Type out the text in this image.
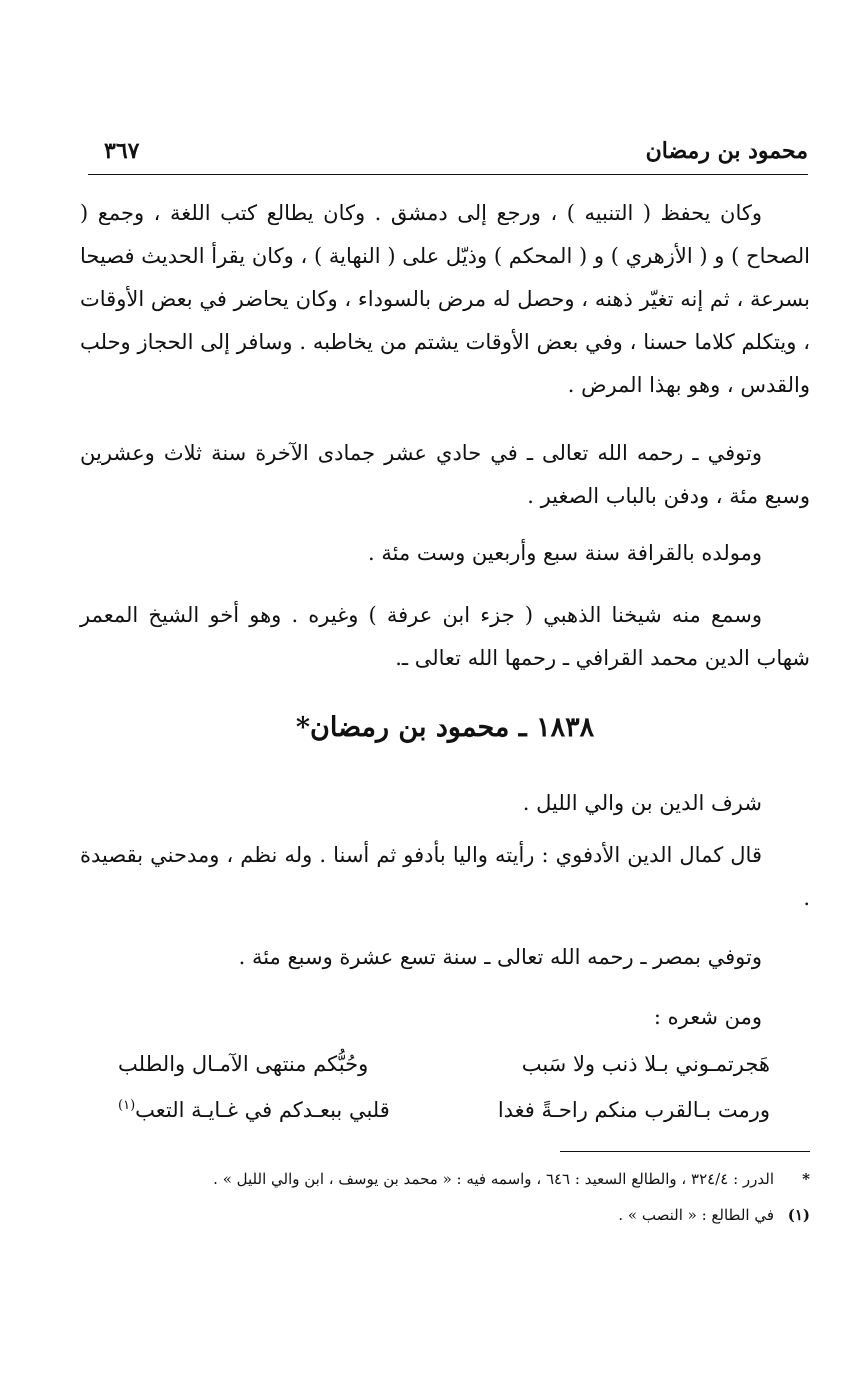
محمود بن رمضان
٣٦٧

وكان يحفظ ( التنبيه ) ، ورجع إلى دمشق . وكان يطالع كتب اللغة ، وجمع ( الصحاح ) و ( الأزهري ) و ( المحكم ) وذيّل على ( النهاية ) ، وكان يقرأ الحديث فصيحا بسرعة ، ثم إنه تغيّر ذهنه ، وحصل له مرض بالسوداء ، وكان يحاضر في بعض الأوقات ، ويتكلم كلاما حسنا ، وفي بعض الأوقات يشتم من يخاطبه . وسافر إلى الحجاز وحلب والقدس ، وهو بهذا المرض .

وتوفي ـ رحمه الله تعالى ـ في حادي عشر جمادى الآخرة سنة ثلاث وعشرين وسبع مئة ، ودفن بالباب الصغير .

ومولده بالقرافة سنة سبع وأربعين وست مئة .

وسمع منه شيخنا الذهبي ( جزء ابن عرفة ) وغيره . وهو أخو الشيخ المعمر شهاب الدين محمد القرافي ـ رحمها الله تعالى ـ.

١٨٣٨ ـ محمود بن رمضان*

شرف الدين بن والي الليل .

قال كمال الدين الأدفوي : رأيته واليا بأدفو ثم أسنا . وله نظم ، ومدحني بقصيدة .

وتوفي بمصر ـ رحمه الله تعالى ـ سنة تسع عشرة وسبع مئة .

ومن شعره :

هَجرتمـوني بـلا ذنب ولا سَبب
وحُبُّكم منتهى الآمـال والطلب
ورمت بـالقرب منكم راحـةً فغدا
قلبي ببعـدكم في غـايـة التعب$^{(١)}$
*الدرر : ٣٢٤/٤ ، والطالع السعيد : ٦٤٦ ، واسمه فيه : « محمد بن يوسف ، ابن والي الليل » .
(١)في الطالع : « النصب » .
